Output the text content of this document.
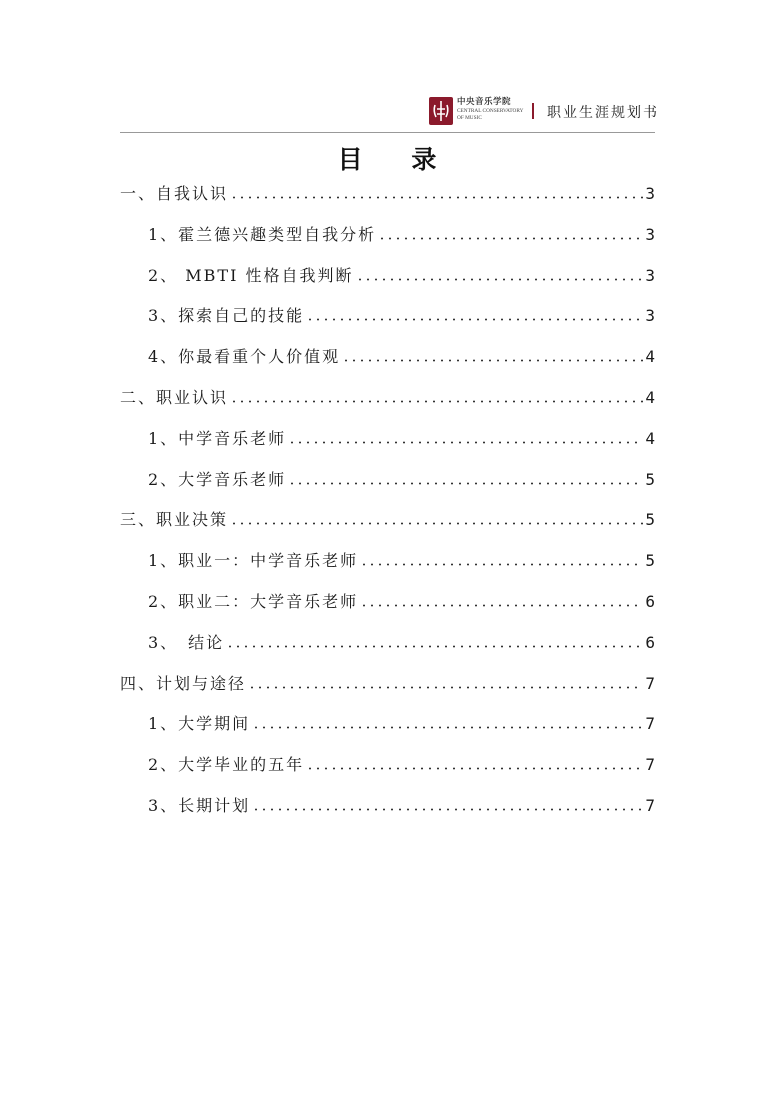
中央音乐学院
CENTRAL CONSERVATORY
OF MUSIC	职业生涯规划书
目 录
一、自我认识	3
1、霍兰德兴趣类型自我分析	3
2、 MBTI 性格自我判断	3
3、探索自己的技能	3
4、你最看重个人价值观	4
二、职业认识	4
1、中学音乐老师	4
2、大学音乐老师	5
三、职业决策	5
1、职业一：中学音乐老师	5
2、职业二：大学音乐老师	6
3、　结论	6
四、计划与途径	7
1、大学期间	7
2、大学毕业的五年	7
3、长期计划	7
